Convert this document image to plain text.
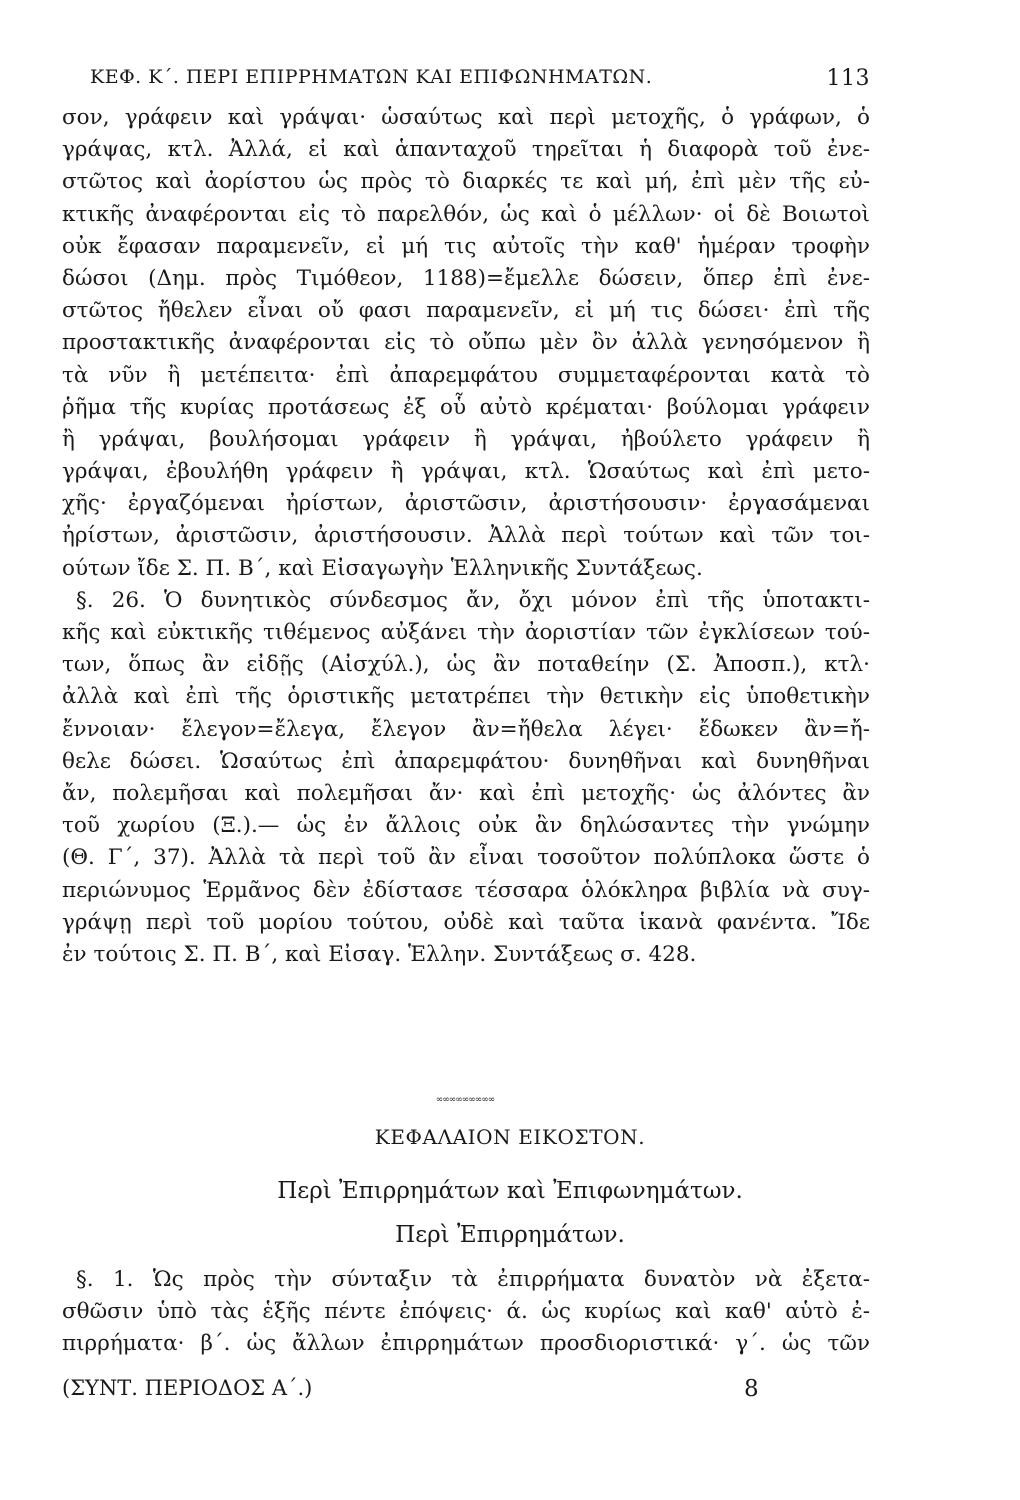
ΚΕΦ. Κ΄. ΠΕΡΙ ΕΠΙΡΡΗΜΑΤΩΝ ΚΑΙ ΕΠΙΦΩΝΗΜΑΤΩΝ.	113
σον, γράφειν καὶ γράψαι· ὡσαύτως καὶ περὶ μετοχῆς, ὁ γράφων, ὁ
γράψας, κτλ. Ἀλλά, εἰ καὶ ἁπανταχοῦ τηρεῖται ἡ διαφορὰ τοῦ ἐνε-
στῶτος καὶ ἀορίστου ὡς πρὸς τὸ διαρκές τε καὶ μή, ἐπὶ μὲν τῆς εὐ-
κτικῆς ἀναφέρονται εἰς τὸ παρελθόν, ὡς καὶ ὁ μέλλων· οἱ δὲ Βοιωτοὶ
οὐκ ἔφασαν παραμενεῖν, εἰ μή τις αὐτοῖς τὴν καθ' ἡμέραν τροφὴν
δώσοι (Δημ. πρὸς Τιμόθεον, 1188)=ἔμελλε δώσειν, ὅπερ ἐπὶ ἐνε-
στῶτος ἤθελεν εἶναι οὔ φασι παραμενεῖν, εἰ μή τις δώσει· ἐπὶ τῆς
προστακτικῆς ἀναφέρονται εἰς τὸ οὔπω μὲν ὂν ἀλλὰ γενησόμενον ἢ
τὰ νῦν ἢ μετέπειτα· ἐπὶ ἀπαρεμφάτου συμμεταφέρονται κατὰ τὸ
ῥῆμα τῆς κυρίας προτάσεως ἐξ οὗ αὐτὸ κρέμαται· βούλομαι γράφειν
ἢ γράψαι, βουλήσομαι γράφειν ἢ γράψαι, ἠβούλετο γράφειν ἢ
γράψαι, ἐβουλήθη γράφειν ἢ γράψαι, κτλ. Ὡσαύτως καὶ ἐπὶ μετο-
χῆς· ἐργαζόμεναι ἠρίστων, ἀριστῶσιν, ἀριστήσουσιν· ἐργασάμεναι
ἠρίστων, ἀριστῶσιν, ἀριστήσουσιν. Ἀλλὰ περὶ τούτων καὶ τῶν τοι-
ούτων ἴδε Σ. Π. Β΄, καὶ Εἰσαγωγὴν Ἑλληνικῆς Συντάξεως.
§. 26. Ὁ δυνητικὸς σύνδεσμος ἄν, ὄχι μόνον ἐπὶ τῆς ὑποτακτι-
κῆς καὶ εὐκτικῆς τιθέμενος αὐξάνει τὴν ἀοριστίαν τῶν ἐγκλίσεων τού-
των, ὅπως ἂν εἰδῇς (Αἰσχύλ.), ὡς ἂν ποταθείην (Σ. Ἀποσπ.), κτλ·
ἀλλὰ καὶ ἐπὶ τῆς ὁριστικῆς μετατρέπει τὴν θετικὴν εἰς ὑποθετικὴν
ἔννοιαν· ἔλεγον=ἔλεγα, ἔλεγον ἂν=ἤθελα λέγει· ἔδωκεν ἂν=ἤ-
θελε δώσει. Ὡσαύτως ἐπὶ ἀπαρεμφάτου· δυνηθῆναι καὶ δυνηθῆναι
ἄν, πολεμῆσαι καὶ πολεμῆσαι ἄν· καὶ ἐπὶ μετοχῆς· ὡς ἀλόντες ἂν
τοῦ χωρίου (Ξ.).— ὡς ἐν ἄλλοις οὐκ ἂν δηλώσαντες τὴν γνώμην
(Θ. Γ΄, 37). Ἀλλὰ τὰ περὶ τοῦ ἂν εἶναι τοσοῦτον πολύπλοκα ὥστε ὁ
περιώνυμος Ἑρμᾶνος δὲν ἐδίστασε τέσσαρα ὁλόκληρα βιβλία νὰ συγ-
γράψῃ περὶ τοῦ μορίου τούτου, οὐδὲ καὶ ταῦτα ἱκανὰ φανέντα. Ἴδε
ἐν τούτοις Σ. Π. Β΄, καὶ Εἰσαγ. Ἑλλην. Συντάξεως σ. 428.
∞∞∞∞∞∞∞∞∞
ΚΕΦΑΛΑΙΟΝ ΕΙΚΟΣΤΟΝ.
Περὶ Ἐπιρρημάτων καὶ Ἐπιφωνημάτων.
Περὶ Ἐπιρρημάτων.
§. 1. Ὡς πρὸς τὴν σύνταξιν τὰ ἐπιρρήματα δυνατὸν νὰ ἐξετα-
σθῶσιν ὑπὸ τὰς ἑξῆς πέντε ἐπόψεις· ά. ὡς κυρίως καὶ καθ' αὑτὸ ἐ-
πιρρήματα· β΄. ὡς ἄλλων ἐπιρρημάτων προσδιοριστικά· γ΄. ὡς τῶν
(ΣΥΝΤ. ΠΕΡΙΟΔΟΣ Α΄.)	8
